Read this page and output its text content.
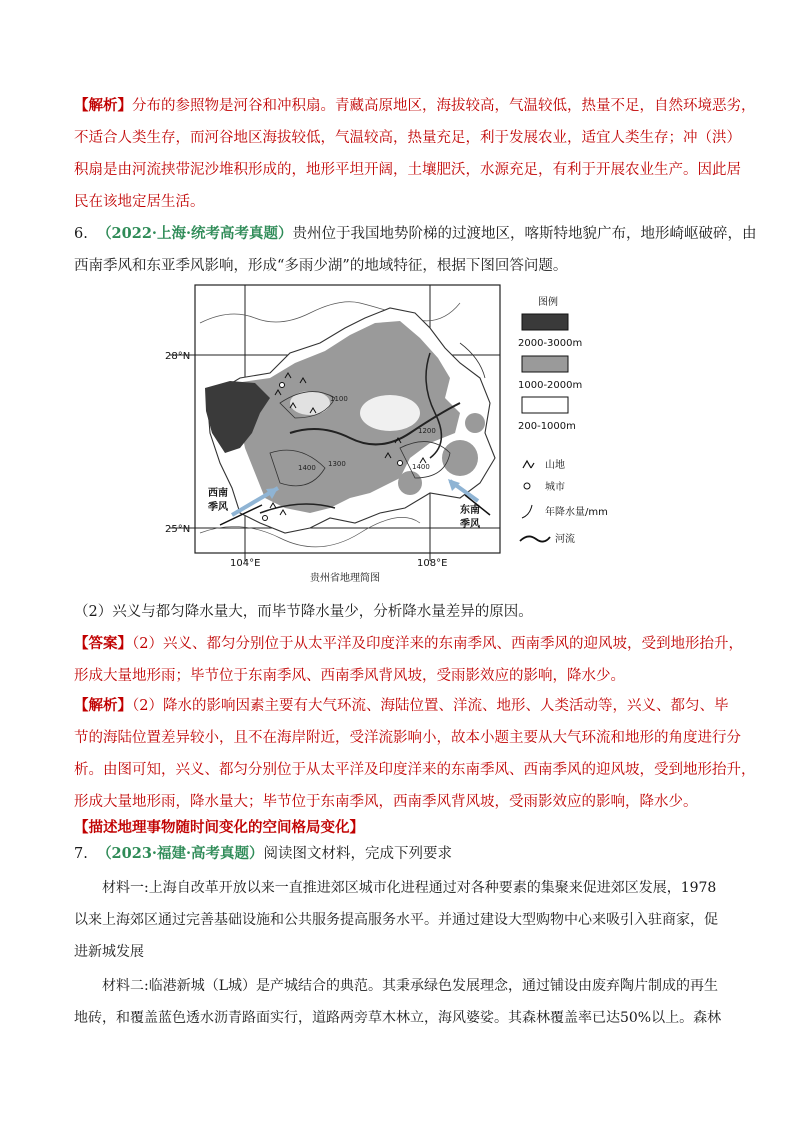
【解析】分布的参照物是河谷和冲积扇。青藏高原地区，海拔较高，气温较低，热量不足，自然环境恶劣，
不适合人类生存，而河谷地区海拔较低，气温较高，热量充足，利于发展农业，适宜人类生存；冲（洪）
积扇是由河流挟带泥沙堆积形成的，地形平坦开阔，土壤肥沃，水源充足，有利于开展农业生产。因此居
民在该地定居生活。
6. （2022·上海·统考高考真题）贵州位于我国地势阶梯的过渡地区，喀斯特地貌广布，地形崎岖破碎，由
西南季风和东亚季风影响，形成“多雨少湖”的地域特征，根据下图回答问题。
1100
1300
1400	1400
1200
西南
季风	东南
季风
28°N
25°N
104°E	108°E
贵州省地理简图
图例
2000-3000m
1000-2000m
200-1000m
山地
城市
年降水量/mm
河流
（2）兴义与都匀降水量大，而毕节降水量少，分析降水量差异的原因。
【答案】（2）兴义、都匀分别位于从太平洋及印度洋来的东南季风、西南季风的迎风坡，受到地形抬升，
形成大量地形雨；毕节位于东南季风、西南季风背风坡，受雨影效应的影响，降水少。
【解析】（2）降水的影响因素主要有大气环流、海陆位置、洋流、地形、人类活动等，兴义、都匀、毕
节的海陆位置差异较小，且不在海岸附近，受洋流影响小，故本小题主要从大气环流和地形的角度进行分
析。由图可知，兴义、都匀分别位于从太平洋及印度洋来的东南季风、西南季风的迎风坡，受到地形抬升，
形成大量地形雨，降水量大；毕节位于东南季风，西南季风背风坡，受雨影效应的影响，降水少。
【描述地理事物随时间变化的空间格局变化】
7. （2023·福建·高考真题）阅读图文材料，完成下列要求
材料一:上海自改革开放以来一直推进郊区城市化进程通过对各种要素的集聚来促进郊区发展，1978
以来上海郊区通过完善基础设施和公共服务提高服务水平。并通过建设大型购物中心来吸引入驻商家，促
进新城发展
材料二:临港新城（L城）是产城结合的典范。其秉承绿色发展理念，通过铺设由废弃陶片制成的再生
地砖，和覆盖蓝色透水沥青路面实行，道路两旁草木林立，海风婆娑。其森林覆盖率已达50%以上。森林
